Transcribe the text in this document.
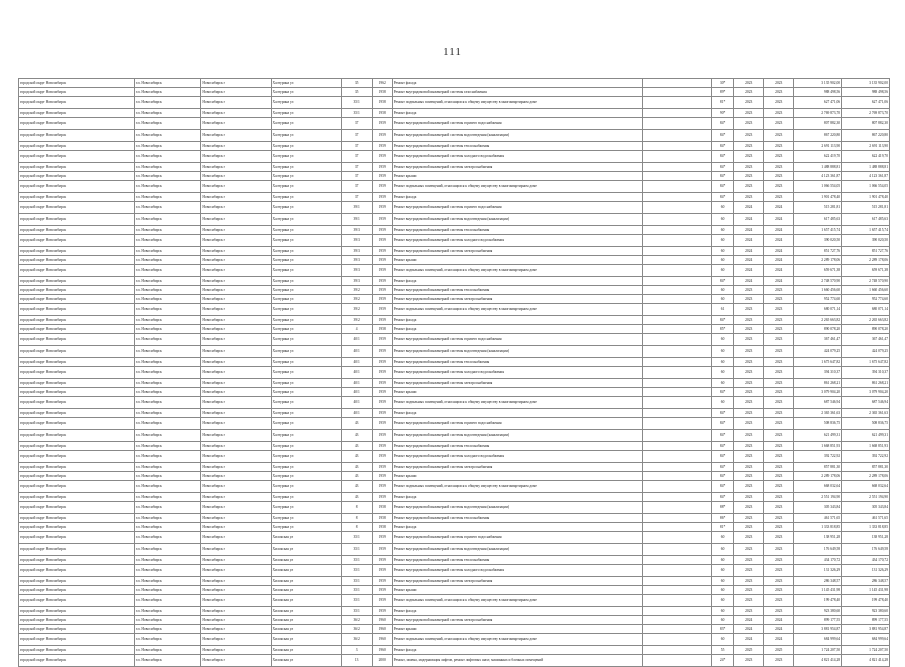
111
городской округ Новосибирск	г.п. Новосибирск	Новосибирск г	Халтурина ул	35	1962	Ремонт фасада		30*	2023	2023	3 135 902,00	3 135 902,00
городской округ Новосибирск	г.п. Новосибирск	Новосибирск г	Халтурина ул	35	1958	Ремонт внутридомовой инженерной системы газоснабжения		89*	2023	2023	988 498,56	988 498,56
городской округ Новосибирск	г.п. Новосибирск	Новосибирск г	Халтурина ул	35/1	1958	Ремонт подвальных помещений, относящихся к общему имуществу в многоквартирном доме		81*	2023	2023	627 471,06	627 471,06
городской округ Новосибирск	г.п. Новосибирск	Новосибирск г	Халтурина ул	35/1	1958	Ремонт фасада		90*	2023	2023	2 769 873,70	2 769 873,70
городской округ Новосибирск	г.п. Новосибирск	Новосибирск г	Халтурина ул	37	1959	Ремонт внутридомовой инженерной системы горячего водоснабжения		84*	2023	2023	807 882,30	807 882,30
городской округ Новосибирск	г.п. Новосибирск	Новосибирск г	Халтурина ул	37	1959	Ремонт внутридомовой инженерной системы водоотведения (канализации)		84*	2023	2023	867 220,80	867 220,80
городской округ Новосибирск	г.п. Новосибирск	Новосибирск г	Халтурина ул	37	1959	Ремонт внутридомовой инженерной системы теплоснабжения		84*	2023	2023	2 691 113,90	2 691 113,90
городской округ Новосибирск	г.п. Новосибирск	Новосибирск г	Халтурина ул	37	1959	Ремонт внутридомовой инженерной системы холодного водоснабжения		84*	2023	2023	622 419,70	622 419,70
городской округ Новосибирск	г.п. Новосибирск	Новосибирск г	Халтурина ул	37	1959	Ремонт внутридомовой инженерной системы электроснабжения		84*	2023	2023	1 488 888,81	1 488 888,81
городской округ Новосибирск	г.п. Новосибирск	Новосибирск г	Халтурина ул	37	1959	Ремонт крыши		84*	2023	2023	4 123 361,87	4 123 361,87
городской округ Новосибирск	г.п. Новосибирск	Новосибирск г	Халтурина ул	37	1959	Ремонт подвальных помещений, относящихся к общему имуществу в многоквартирном доме		84*	2023	2023	1 066 554,05	1 066 554,05
городской округ Новосибирск	г.п. Новосибирск	Новосибирск г	Халтурина ул	37	1959	Ремонт фасада		84*	2023	2023	1 901 478,40	1 901 478,40
городской округ Новосибирск	г.п. Новосибирск	Новосибирск г	Халтурина ул	39/1	1959	Ремонт внутридомовой инженерной системы горячего водоснабжения		60	2024	2024	515 281,81	515 281,81
городской округ Новосибирск	г.п. Новосибирск	Новосибирск г	Халтурина ул	39/1	1959	Ремонт внутридомовой инженерной системы водоотведения (канализации)		60	2024	2024	617 485,63	617 485,63
городской округ Новосибирск	г.п. Новосибирск	Новосибирск г	Халтурина ул	39/3	1959	Ремонт внутридомовой инженерной системы теплоснабжения		60	2024	2024	1 657 415,74	1 657 415,74
городской округ Новосибирск	г.п. Новосибирск	Новосибирск г	Халтурина ул	39/3	1959	Ремонт внутридомовой инженерной системы холодного водоснабжения		60	2024	2024	390 020,50	390 020,50
городской округ Новосибирск	г.п. Новосибирск	Новосибирск г	Халтурина ул	39/3	1959	Ремонт внутридомовой инженерной системы электроснабжения		60	2024	2024	851 727,76	851 727,76
городской округ Новосибирск	г.п. Новосибирск	Новосибирск г	Халтурина ул	39/3	1959	Ремонт крыши		60	2024	2024	2 289 178,06	2 289 178,06
городской округ Новосибирск	г.п. Новосибирск	Новосибирск г	Халтурина ул	39/3	1959	Ремонт подвальных помещений, относящихся к общему имуществу в многоквартирном доме		60	2024	2024	659 671,38	659 671,38
городской округ Новосибирск	г.п. Новосибирск	Новосибирск г	Халтурина ул	39/3	1959	Ремонт фасада		84*	2024	2024	2 748 570,90	2 748 570,90
городской округ Новосибирск	г.п. Новосибирск	Новосибирск г	Халтурина ул	39/2	1959	Ремонт внутридомовой инженерной системы теплоснабжения		60	2023	2023	1 660 456,60	1 660 456,60
городской округ Новосибирск	г.п. Новосибирск	Новосибирск г	Халтурина ул	39/2	1959	Ремонт внутридомовой инженерной системы электроснабжения		60	2023	2023	952 774,60	952 774,60
городской округ Новосибирск	г.п. Новосибирск	Новосибирск г	Халтурина ул	39/2	1959	Ремонт подвальных помещений, относящихся к общему имуществу в многоквартирном доме		61	2023	2023	680 071,14	680 071,14
городской округ Новосибирск	г.п. Новосибирск	Новосибирск г	Халтурина ул	39/2	1959	Ремонт фасада		84*	2023	2023	2 265 663,82	2 265 663,82
городской округ Новосибирск	г.п. Новосибирск	Новосибирск г	Халтурина ул	4	1958	Ремонт фасада		85*	2023	2023	890 078,20	890 078,20
городской округ Новосибирск	г.п. Новосибирск	Новосибирск г	Халтурина ул	40/1	1959	Ремонт внутридомовой инженерной системы горячего водоснабжения		60	2023	2023	367 461,47	367 461,47
городской округ Новосибирск	г.п. Новосибирск	Новосибирск г	Халтурина ул	40/1	1959	Ремонт внутридомовой инженерной системы водоотведения (канализации)		60	2023	2023	424 079,25	424 079,25
городской округ Новосибирск	г.п. Новосибирск	Новосибирск г	Халтурина ул	40/1	1959	Ремонт внутридомовой инженерной системы теплоснабжения		60	2023	2023	1 675 647,82	1 675 647,82
городской округ Новосибирск	г.п. Новосибирск	Новосибирск г	Халтурина ул	40/1	1959	Ремонт внутридомовой инженерной системы холодного водоснабжения		60	2023	2023	394 310,37	394 310,37
городской округ Новосибирск	г.п. Новосибирск	Новосибирск г	Халтурина ул	40/1	1959	Ремонт внутридомовой инженерной системы электроснабжения		60	2023	2023	861 268,21	861 268,21
городской округ Новосибирск	г.п. Новосибирск	Новосибирск г	Халтурина ул	40/1	1959	Ремонт крыши		84*	2023	2023	3 079 904,20	3 079 904,20
городской округ Новосибирск	г.п. Новосибирск	Новосибирск г	Халтурина ул	40/1	1959	Ремонт подвальных помещений, относящихся к общему имуществу в многоквартирном доме		60	2023	2023	687 546,94	687 546,94
городской округ Новосибирск	г.п. Новосибирск	Новосибирск г	Халтурина ул	40/1	1959	Ремонт фасада		84*	2023	2023	2 365 361,63	2 365 361,63
городской округ Новосибирск	г.п. Новосибирск	Новосибирск г	Халтурина ул	43	1959	Ремонт внутридомовой инженерной системы горячего водоснабжения		84*	2023	2023	508 836,75	508 836,75
городской округ Новосибирск	г.п. Новосибирск	Новосибирск г	Халтурина ул	43	1959	Ремонт внутридомовой инженерной системы водоотведения (канализации)		84*	2023	2023	621 499,31	621 499,31
городской округ Новосибирск	г.п. Новосибирск	Новосибирск г	Халтурина ул	43	1959	Ремонт внутридомовой инженерной системы теплоснабжения		84*	2023	2023	1 668 851,93	1 668 851,93
городской округ Новосибирск	г.п. Новосибирск	Новосибирск г	Халтурина ул	43	1959	Ремонт внутридомовой инженерной системы холодного водоснабжения		84*	2023	2023	392 722,92	392 722,92
городской округ Новосибирск	г.п. Новосибирск	Новосибирск г	Халтурина ул	43	1959	Ремонт внутридомовой инженерной системы электроснабжения		84*	2023	2023	857 881,30	857 881,30
городской округ Новосибирск	г.п. Новосибирск	Новосибирск г	Халтурина ул	43	1959	Ремонт крыши		84*	2023	2023	2 289 178,06	2 289 178,06
городской округ Новосибирск	г.п. Новосибирск	Новосибирск г	Халтурина ул	43	1959	Ремонт подвальных помещений, относящихся к общему имуществу в многоквартирном доме		84*	2023	2023	668 032,64	668 032,64
городской округ Новосибирск	г.п. Новосибирск	Новосибирск г	Халтурина ул	43	1959	Ремонт фасада		84*	2023	2023	2 551 194,90	2 551 194,90
городской округ Новосибирск	г.п. Новосибирск	Новосибирск г	Халтурина ул	8	1958	Ремонт внутридомовой инженерной системы водоотведения (канализации)		88*	2023	2023	305 343,84	305 343,84
городской округ Новосибирск	г.п. Новосибирск	Новосибирск г	Халтурина ул	8	1958	Ремонт внутридомовой инженерной системы теплоснабжения		86*	2023	2023	461 571,65	461 571,65
городской округ Новосибирск	г.п. Новосибирск	Новосибирск г	Халтурина ул	8	1958	Ремонт фасада		81*	2023	2023	1 333 818,85	1 333 818,85
городской округ Новосибирск	г.п. Новосибирск	Новосибирск г	Хилокская ул	35/1	1959	Ремонт внутридомовой инженерной системы горячего водоснабжения		60	2023	2023	138 951,28	138 951,28
городской округ Новосибирск	г.п. Новосибирск	Новосибирск г	Хилокская ул	35/1	1959	Ремонт внутридомовой инженерной системы водоотведения (канализации)		60	2023	2023	176 649,58	176 649,58
городской округ Новосибирск	г.п. Новосибирск	Новосибирск г	Хилокская ул	35/1	1959	Ремонт внутридомовой инженерной системы теплоснабжения		60	2023	2023	434 170,72	434 170,72
городской округ Новосибирск	г.п. Новосибирск	Новосибирск г	Хилокская ул	35/1	1959	Ремонт внутридомовой инженерной системы холодного водоснабжения		60	2023	2023	131 326,29	131 326,29
городской округ Новосибирск	г.п. Новосибирск	Новосибирск г	Хилокская ул	35/1	1959	Ремонт внутридомовой инженерной системы электроснабжения		60	2023	2023	286 348,57	286 348,57
городской округ Новосибирск	г.п. Новосибирск	Новосибирск г	Хилокская ул	35/1	1959	Ремонт крыши		60	2023	2023	1 145 431,98	1 145 431,98
городской округ Новосибирск	г.п. Новосибирск	Новосибирск г	Хилокская ул	35/1	1959	Ремонт подвальных помещений, относящихся к общему имуществу в многоквартирном доме		60	2023	2023	199 478,40	199 478,40
городской округ Новосибирск	г.п. Новосибирск	Новосибирск г	Хилокская ул	35/1	1959	Ремонт фасада		60	2023	2023	923 380,60	923 380,60
городской округ Новосибирск	г.п. Новосибирск	Новосибирск г	Хилокская ул	36/2	1960	Ремонт внутридомовой инженерной системы электроснабжения		60	2024	2024	899 177,55	899 177,55
городской округ Новосибирск	г.п. Новосибирск	Новосибирск г	Хилокская ул	36/2	1960	Ремонт крыши		83*	2024	2024	3 881 954,87	3 881 954,87
городской округ Новосибирск	г.п. Новосибирск	Новосибирск г	Хилокская ул	36/2	1960	Ремонт подвальных помещений, относящихся к общему имуществу в многоквартирном доме		60	2024	2024	684 999,64	684 999,64
городской округ Новосибирск	г.п. Новосибирск	Новосибирск г	Хилокская ул	3	1960	Ремонт фасада		55	2025	2025	1 724 207,50	1 724 207,50
городской округ Новосибирск	г.п. Новосибирск	Новосибирск г	Хилокская ул	13	2000	Ремонт, замена, модернизация лифтов, ремонт лифтовых шахт, машинных и блочных помещений		24*	2023	2023	4 821 414,28	4 821 414,28
